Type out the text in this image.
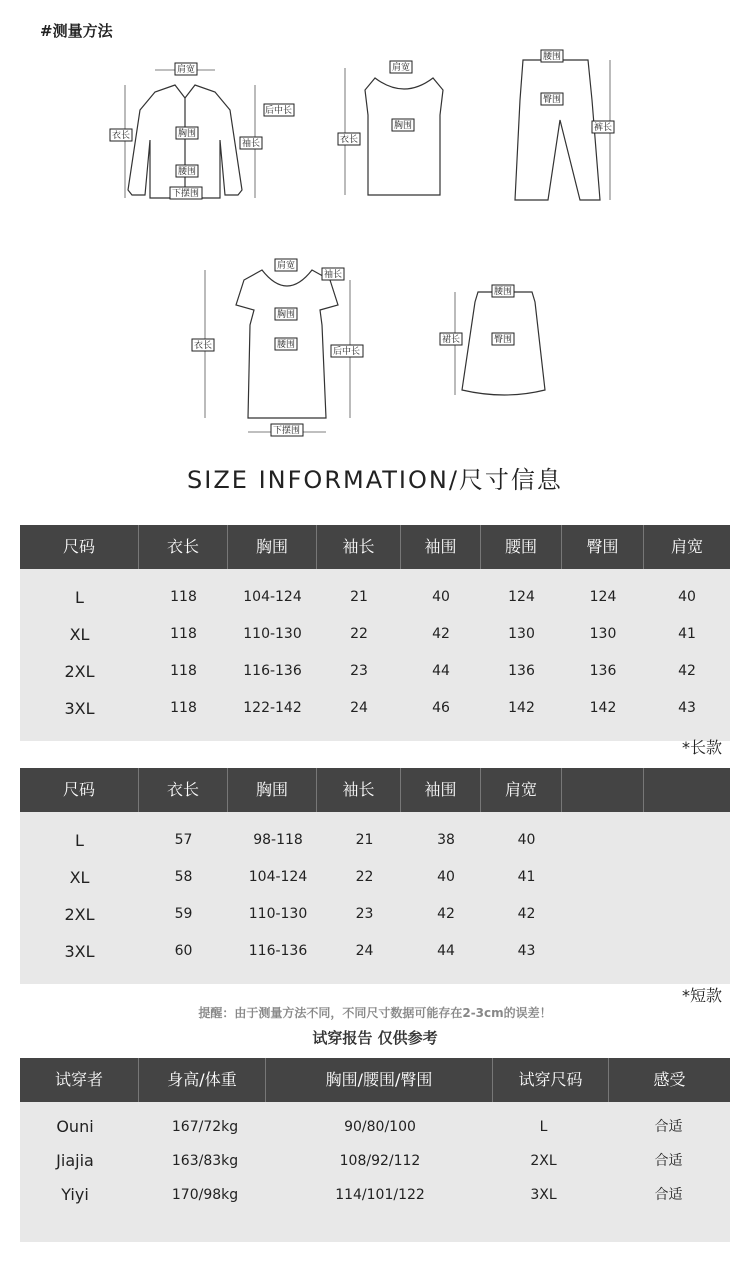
#测量方法
肩宽
后中长
袖长
衣长	胸围
腰围
下摆围
肩宽
衣长
胸围
腰围
臀围
裤长
肩宽
袖长
胸围
腰围
衣长
后中长
下摆围
腰围
裙长	臀围
SIZE INFORMATION/尺寸信息
尺码	衣长	胸围	袖长	袖围	腰围	臀围	肩宽
L	118	104-124	21	40	124	124	40
XL	118	110-130	22	42	130	130	41
2XL	118	116-136	23	44	136	136	42
3XL	118	122-142	24	46	142	142	43
*长款
尺码	衣长	胸围	袖长	袖围	肩宽
L	57	98-118	21	38	40
XL	58	104-124	22	40	41
2XL	59	110-130	23	42	42
3XL	60	116-136	24	44	43
*短款
提醒：由于测量方法不同，不同尺寸数据可能存在2-3cm的误差！
试穿报告 仅供参考
试穿者	身高/体重	胸围/腰围/臀围	试穿尺码	感受
Ouni	167/72kg	90/80/100	L	合适
Jiajia	163/83kg	108/92/112	2XL	合适
Yiyi	170/98kg	114/101/122	3XL	合适
